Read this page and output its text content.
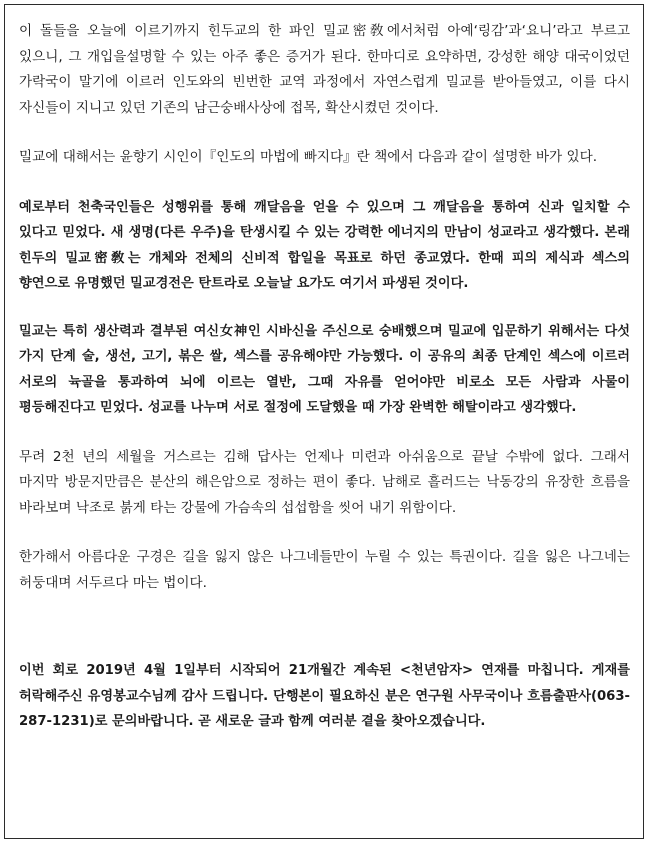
이 돌들을 오늘에 이르기까지 힌두교의 한 파인 밀교密敎에서처럼 아예‘링감’과‘요니’라고 부르고 있으니, 그 개입을설명할 수 있는 아주 좋은 증거가 된다. 한마디로 요약하면, 강성한 해양 대국이었던 가락국이 말기에 이르러 인도와의 빈번한 교역 과정에서 자연스럽게 밀교를 받아들였고, 이를 다시 자신들이 지니고 있던 기존의 남근숭배사상에 접목, 확산시켰던 것이다.

밀교에 대해서는 윤향기 시인이『인도의 마법에 빠지다』란 책에서 다음과 같이 설명한 바가 있다.

예로부터 천축국인들은 성행위를 통해 깨달음을 얻을 수 있으며 그 깨달음을 통하여 신과 일치할 수 있다고 믿었다. 새 생명(다른 우주)을 탄생시킬 수 있는 강력한 에너지의 만남이 성교라고 생각했다. 본래 힌두의 밀교密敎는 개체와 전체의 신비적 합일을 목표로 하던 종교였다. 한때 피의 제식과 섹스의 향연으로 유명했던 밀교경전은 탄트라로 오늘날 요가도 여기서 파생된 것이다.

밀교는 특히 생산력과 결부된 여신女神인 시바신을 주신으로 숭배했으며 밀교에 입문하기 위해서는 다섯 가지 단계 술, 생선, 고기, 볶은 쌀, 섹스를 공유해야만 가능했다. 이 공유의 최종 단계인 섹스에 이르러 서로의 뉵골을 통과하여 뇌에 이르는 열반, 그때 자유를 얻어야만 비로소 모든 사람과 사물이 평등해진다고 믿었다. 성교를 나누며 서로 절정에 도달했을 때 가장 완벽한 해탈이라고 생각했다.

무려 2천 년의 세월을 거스르는 김해 답사는 언제나 미련과 아쉬움으로 끝날 수밖에 없다. 그래서 마지막 방문지만큼은 분산의 해은암으로 정하는 편이 좋다. 남해로 흘러드는 낙동강의 유장한 흐름을 바라보며 낙조로 붉게 타는 강물에 가슴속의 섭섭함을 씻어 내기 위함이다.

한가해서 아름다운 구경은 길을 잃지 않은 나그네들만이 누릴 수 있는 특권이다. 길을 잃은 나그네는 허둥대며 서두르다 마는 법이다.

이번 회로 2019년 4월 1일부터 시작되어 21개월간 계속된 <천년암자> 연재를 마칩니다. 게재를 허락해주신 유영봉교수님께 감사 드립니다. 단행본이 필요하신 분은 연구원 사무국이나 흐름출판사(063-287-1231)로 문의바랍니다. 곧 새로운 글과 함께 여러분 곁을 찾아오겠습니다.
